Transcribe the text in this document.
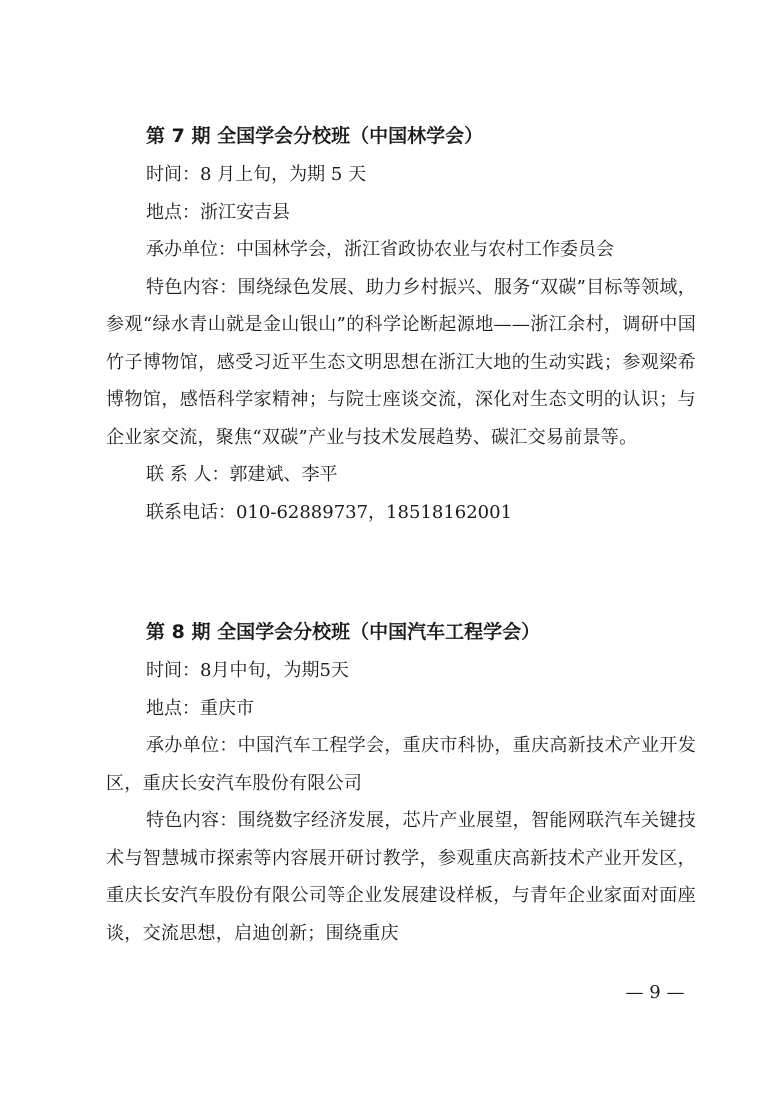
第 7 期 全国学会分校班（中国林学会）
时间：8 月上旬，为期 5 天
地点：浙江安吉县
承办单位：中国林学会，浙江省政协农业与农村工作委员会
特色内容：围绕绿色发展、助力乡村振兴、服务“双碳”目标等领域，参观“绿水青山就是金山银山”的科学论断起源地——浙江余村，调研中国竹子博物馆，感受习近平生态文明思想在浙江大地的生动实践；参观梁希博物馆，感悟科学家精神；与院士座谈交流，深化对生态文明的认识；与企业家交流，聚焦“双碳”产业与技术发展趋势、碳汇交易前景等。
联 系 人：郭建斌、李平
联系电话：010-62889737，18518162001
第 8 期 全国学会分校班（中国汽车工程学会）
时间：8月中旬，为期5天
地点：重庆市
承办单位：中国汽车工程学会，重庆市科协，重庆高新技术产业开发区，重庆长安汽车股份有限公司
特色内容：围绕数字经济发展，芯片产业展望，智能网联汽车关键技术与智慧城市探索等内容展开研讨教学，参观重庆高新技术产业开发区，重庆长安汽车股份有限公司等企业发展建设样板，与青年企业家面对面座谈，交流思想，启迪创新；围绕重庆
— 9 —
